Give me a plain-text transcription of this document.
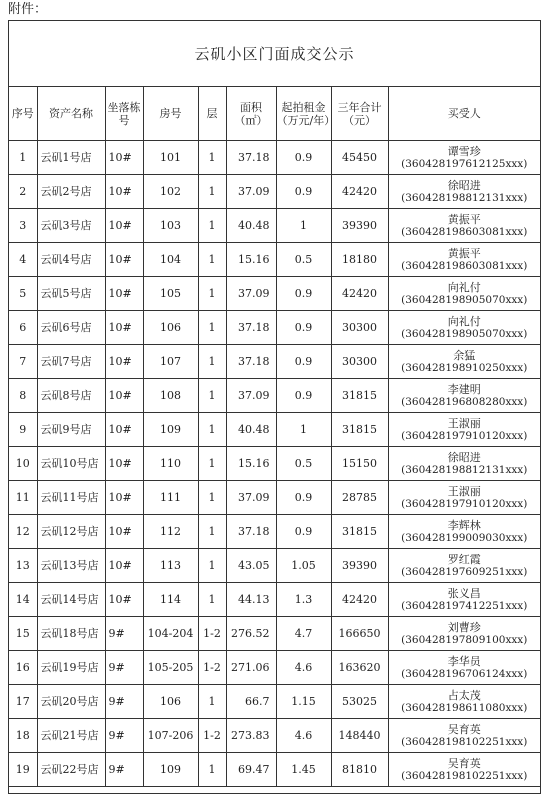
附件：
云矶小区门面成交公示
序号	资产名称	坐落栋号	房号	层	面积（㎡）	起拍租金（万元/年）	三年合计（元）	买受人
1	云矶1号店	10#	101	1	37.18	0.9	45450	谭雪珍
(360428197612125xxx)

2	云矶2号店	10#	102	1	37.09	0.9	42420	徐昭进
(360428198812131xxx)

3	云矶3号店	10#	103	1	40.48	1	39390	黄振平
(360428198603081xxx)

4	云矶4号店	10#	104	1	15.16	0.5	18180	黄振平
(360428198603081xxx)

5	云矶5号店	10#	105	1	37.09	0.9	42420	向礼付
(360428198905070xxx)

6	云矶6号店	10#	106	1	37.18	0.9	30300	向礼付
(360428198905070xxx)

7	云矶7号店	10#	107	1	37.18	0.9	30300	余猛
(360428198910250xxx)

8	云矶8号店	10#	108	1	37.09	0.9	31815	李建明
(360428196808280xxx)

9	云矶9号店	10#	109	1	40.48	1	31815	王淑丽
(360428197910120xxx)

10	云矶10号店	10#	110	1	15.16	0.5	15150	徐昭进
(360428198812131xxx)

11	云矶11号店	10#	111	1	37.09	0.9	28785	王淑丽
(360428197910120xxx)

12	云矶12号店	10#	112	1	37.18	0.9	31815	李辉林
(360428199009030xxx)

13	云矶13号店	10#	113	1	43.05	1.05	39390	罗红霞
(360428197609251xxx)

14	云矶14号店	10#	114	1	44.13	1.3	42420	张义昌
(360428197412251xxx)

15	云矶18号店	9#	104-204	1-2	276.52	4.7	166650	刘曹珍
(360428197809100xxx)

16	云矶19号店	9#	105-205	1-2	271.06	4.6	163620	李华员
(360428196706124xxx)

17	云矶20号店	9#	106	1	66.7	1.15	53025	占太茂
(360428198611080xxx)

18	云矶21号店	9#	107-206	1-2	273.83	4.6	148440	吴育英
(360428198102251xxx)

19	云矶22号店	9#	109	1	69.47	1.45	81810	吴育英
(360428198102251xxx)
